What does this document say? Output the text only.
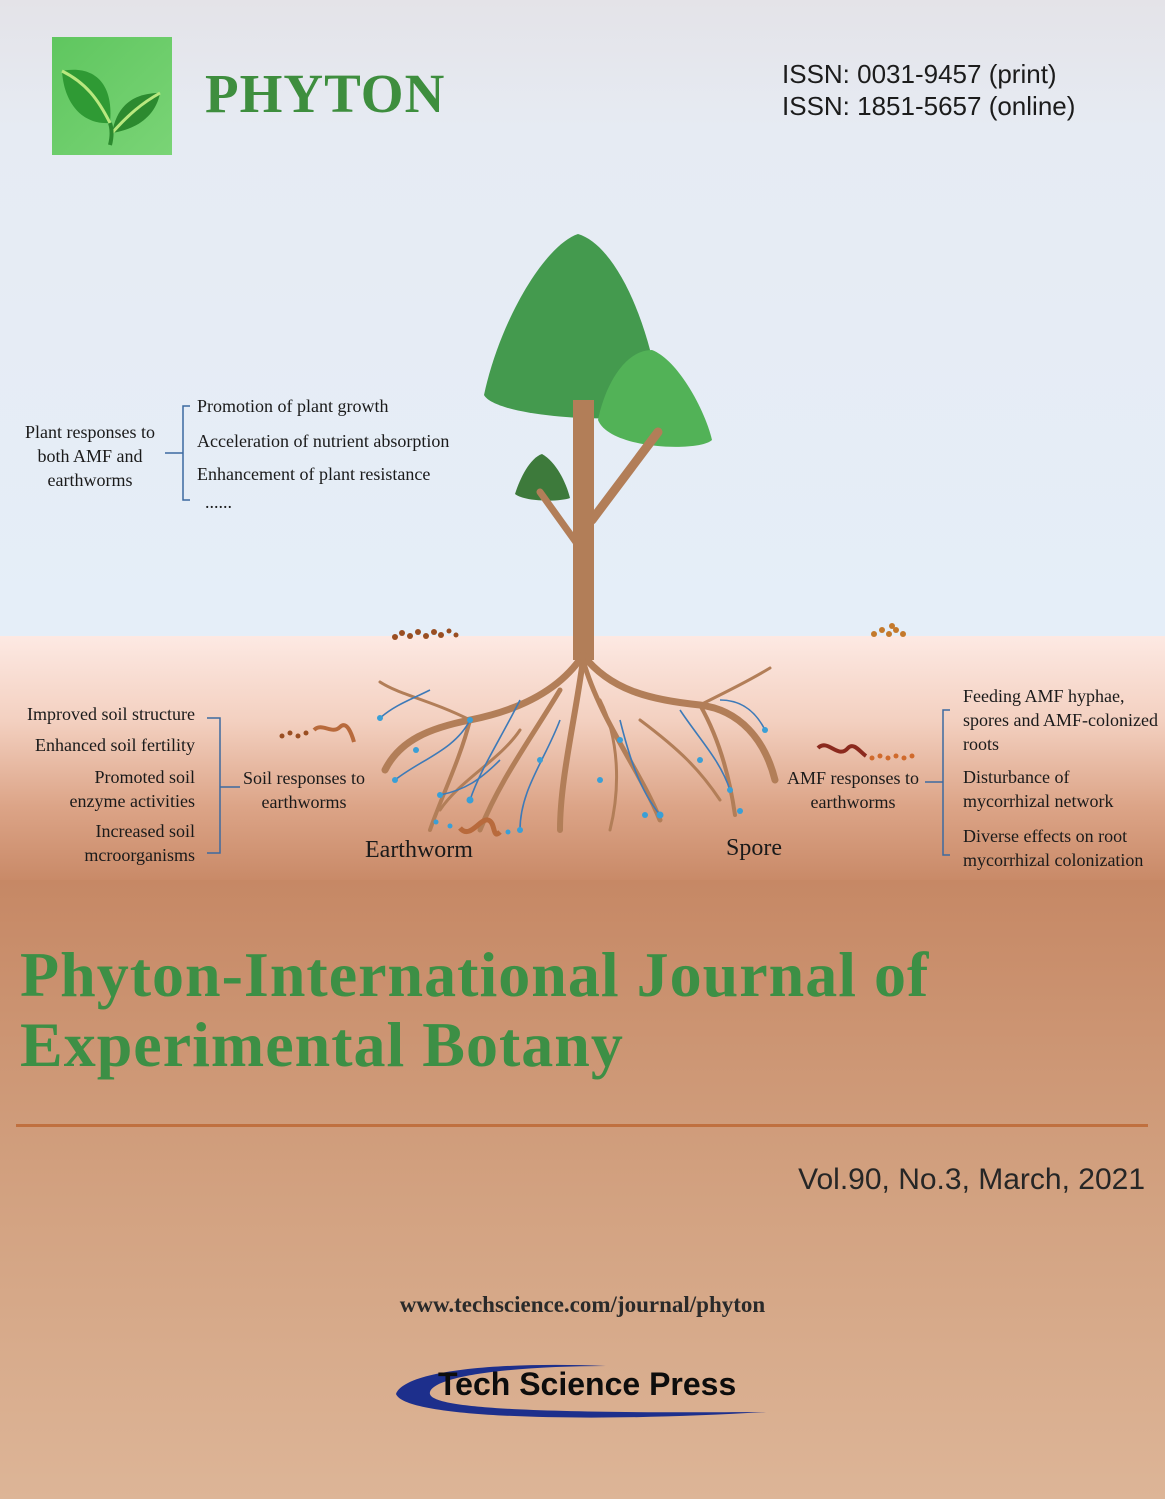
PHYTON	ISSN: 0031-9457 (print)
ISSN: 1851-5657 (online)
Plant responses to both AMF and earthworms
Promotion of plant growth
Acceleration of nutrient absorption
Enhancement of plant resistance
......
Improved soil structure
Enhanced soil fertility
Promoted soil enzyme activities
Increased soil mcroorganisms
Soil responses to earthworms
AMF responses to earthworms
Feeding AMF hyphae, spores and AMF-colonized roots
Disturbance of mycorrhizal network
Diverse effects on root mycorrhizal colonization
Earthworm	Spore
Phyton-International Journal of
Experimental Botany
Vol.90, No.3, March, 2021
www.techscience.com/journal/phyton
Tech Science Press
